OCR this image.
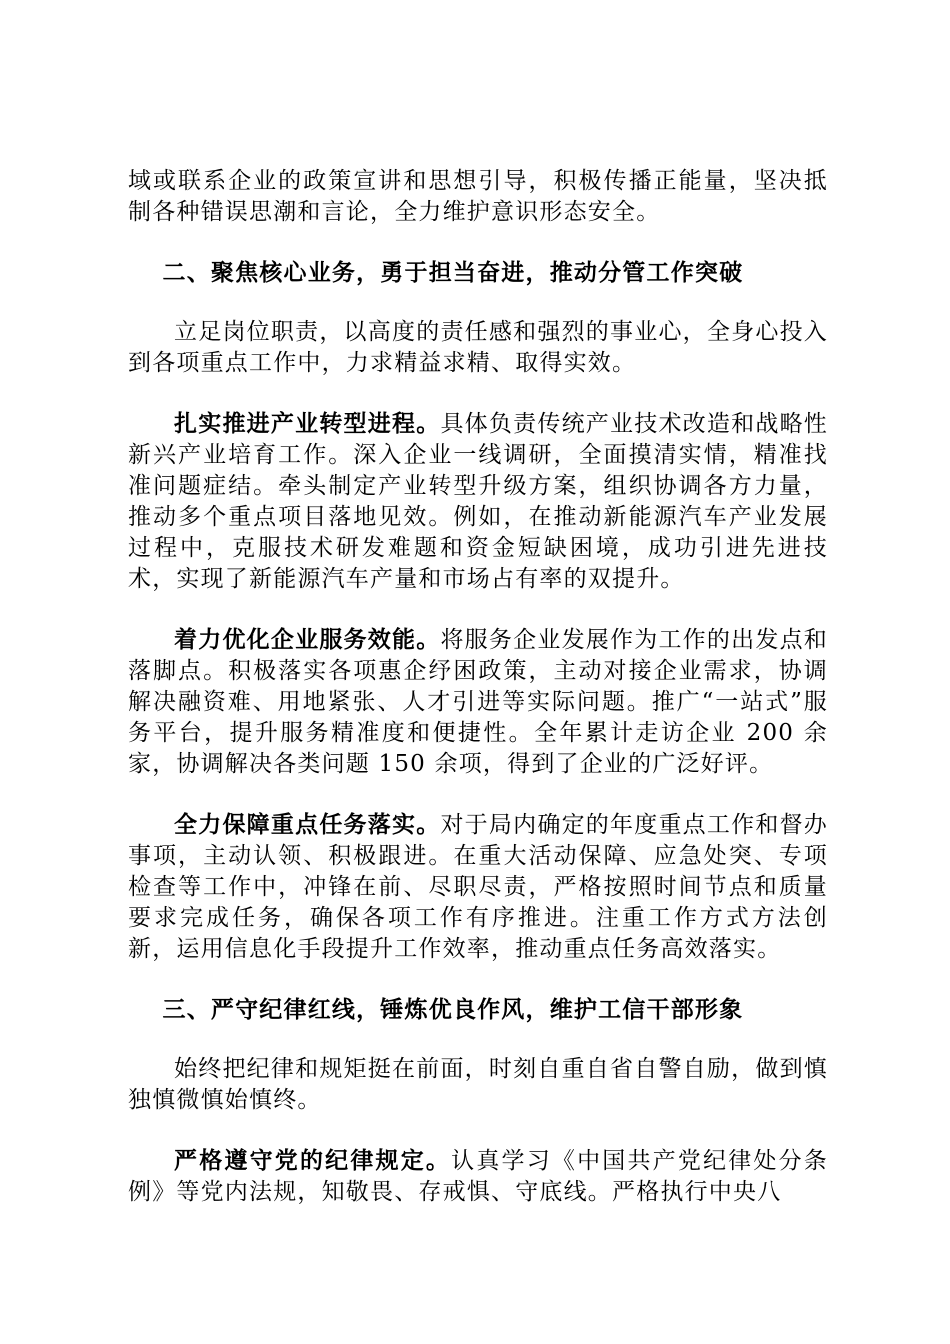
域或联系企业的政策宣讲和思想引导，积极传播正能量，坚决抵制各种错误思潮和言论，全力维护意识形态安全。

二、聚焦核心业务，勇于担当奋进，推动分管工作突破

立足岗位职责，以高度的责任感和强烈的事业心，全身心投入到各项重点工作中，力求精益求精、取得实效。

扎实推进产业转型进程。具体负责传统产业技术改造和战略性新兴产业培育工作。深入企业一线调研，全面摸清实情，精准找准问题症结。牵头制定产业转型升级方案，组织协调各方力量，推动多个重点项目落地见效。例如，在推动新能源汽车产业发展过程中，克服技术研发难题和资金短缺困境，成功引进先进技术，实现了新能源汽车产量和市场占有率的双提升。

着力优化企业服务效能。将服务企业发展作为工作的出发点和落脚点。积极落实各项惠企纾困政策，主动对接企业需求，协调解决融资难、用地紧张、人才引进等实际问题。推广“一站式”服务平台，提升服务精准度和便捷性。全年累计走访企业 200 余家，协调解决各类问题 150 余项，得到了企业的广泛好评。

全力保障重点任务落实。对于局内确定的年度重点工作和督办事项，主动认领、积极跟进。在重大活动保障、应急处突、专项检查等工作中，冲锋在前、尽职尽责，严格按照时间节点和质量要求完成任务，确保各项工作有序推进。注重工作方式方法创新，运用信息化手段提升工作效率，推动重点任务高效落实。

三、严守纪律红线，锤炼优良作风，维护工信干部形象

始终把纪律和规矩挺在前面，时刻自重自省自警自励，做到慎独慎微慎始慎终。

严格遵守党的纪律规定。认真学习《中国共产党纪律处分条例》等党内法规，知敬畏、存戒惧、守底线。严格执行中央八
